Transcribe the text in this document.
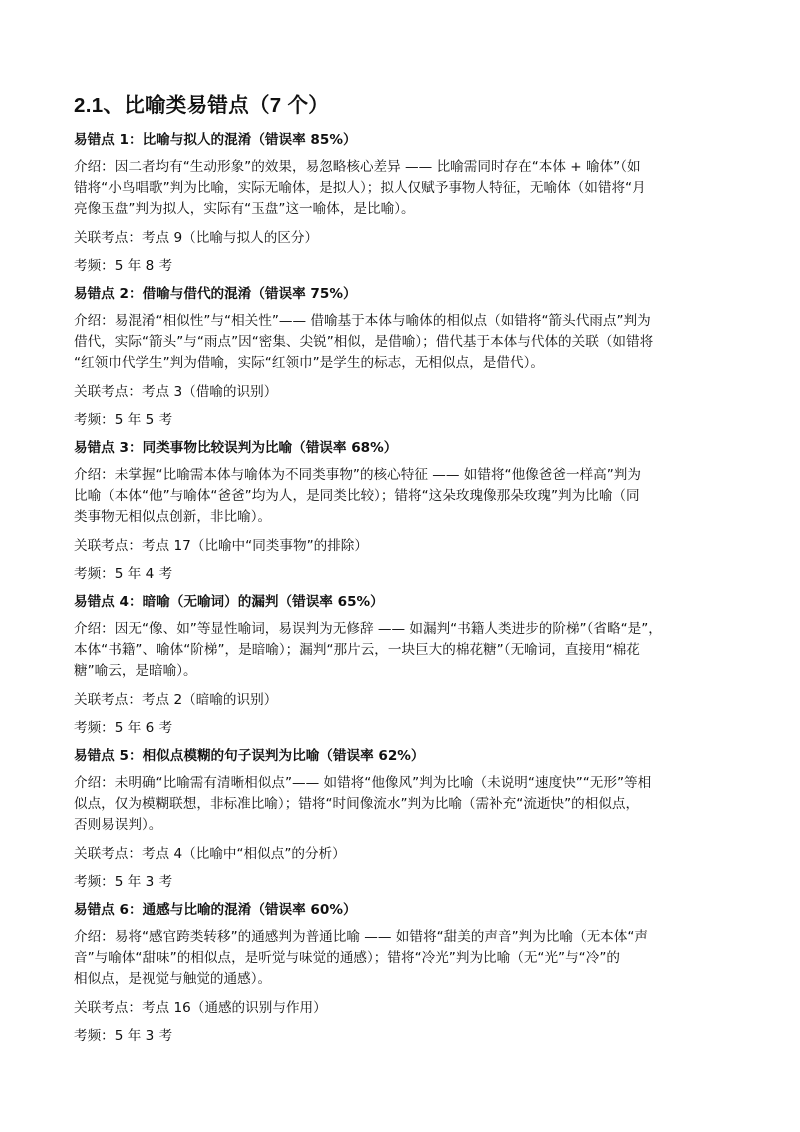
2.1、比喻类易错点（7 个）
易错点 1：比喻与拟人的混淆（错误率 85%）
介绍：因二者均有“生动形象”的效果，易忽略核心差异 —— 比喻需同时存在“本体 + 喻体”（如
错将“小鸟唱歌”判为比喻，实际无喻体，是拟人）；拟人仅赋予事物人特征，无喻体（如错将“月
亮像玉盘”判为拟人，实际有“玉盘”这一喻体，是比喻）。
关联考点：考点 9（比喻与拟人的区分）
考频：5 年 8 考
易错点 2：借喻与借代的混淆（错误率 75%）
介绍：易混淆“相似性”与“相关性”—— 借喻基于本体与喻体的相似点（如错将“箭头代雨点”判为
借代，实际“箭头”与“雨点”因“密集、尖锐”相似，是借喻）；借代基于本体与代体的关联（如错将
“红领巾代学生”判为借喻，实际“红领巾”是学生的标志，无相似点，是借代）。
关联考点：考点 3（借喻的识别）
考频：5 年 5 考
易错点 3：同类事物比较误判为比喻（错误率 68%）
介绍：未掌握“比喻需本体与喻体为不同类事物”的核心特征 —— 如错将“他像爸爸一样高”判为
比喻（本体“他”与喻体“爸爸”均为人，是同类比较）；错将“这朵玫瑰像那朵玫瑰”判为比喻（同
类事物无相似点创新，非比喻）。
关联考点：考点 17（比喻中“同类事物”的排除）
考频：5 年 4 考
易错点 4：暗喻（无喻词）的漏判（错误率 65%）
介绍：因无“像、如”等显性喻词，易误判为无修辞 —— 如漏判“书籍人类进步的阶梯”（省略“是”，
本体“书籍”、喻体“阶梯”，是暗喻）；漏判“那片云，一块巨大的棉花糖”（无喻词，直接用“棉花
糖”喻云，是暗喻）。
关联考点：考点 2（暗喻的识别）
考频：5 年 6 考
易错点 5：相似点模糊的句子误判为比喻（错误率 62%）
介绍：未明确“比喻需有清晰相似点”—— 如错将“他像风”判为比喻（未说明“速度快”“无形”等相
似点，仅为模糊联想，非标准比喻）；错将“时间像流水”判为比喻（需补充“流逝快”的相似点，
否则易误判）。
关联考点：考点 4（比喻中“相似点”的分析）
考频：5 年 3 考
易错点 6：通感与比喻的混淆（错误率 60%）
介绍：易将“感官跨类转移”的通感判为普通比喻 —— 如错将“甜美的声音”判为比喻（无本体“声
音”与喻体“甜味”的相似点，是听觉与味觉的通感）；错将“冷光”判为比喻（无“光”与“冷”的
相似点，是视觉与触觉的通感）。
关联考点：考点 16（通感的识别与作用）
考频：5 年 3 考
